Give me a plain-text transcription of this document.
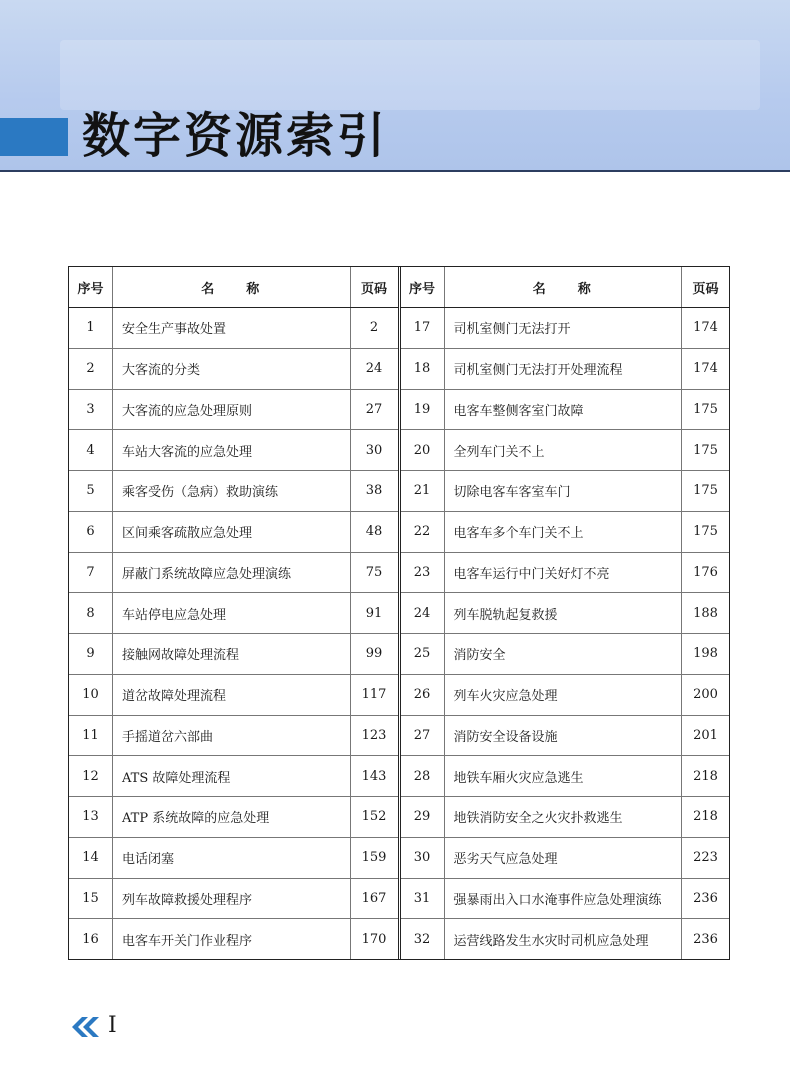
数字资源索引
序号	名　　称	页码
1	安全生产事故处置	2
2	大客流的分类	24
3	大客流的应急处理原则	27
4	车站大客流的应急处理	30
5	乘客受伤（急病）救助演练	38
6	区间乘客疏散应急处理	48
7	屏蔽门系统故障应急处理演练	75
8	车站停电应急处理	91
9	接触网故障处理流程	99
10	道岔故障处理流程	117
11	手摇道岔六部曲	123
12	ATS 故障处理流程	143
13	ATP 系统故障的应急处理	152
14	电话闭塞	159
15	列车故障救援处理程序	167
16	电客车开关门作业程序	170
序号	名　　称	页码
17	司机室侧门无法打开	174
18	司机室侧门无法打开处理流程	174
19	电客车整侧客室门故障	175
20	全列车门关不上	175
21	切除电客车客室车门	175
22	电客车多个车门关不上	175
23	电客车运行中门关好灯不亮	176
24	列车脱轨起复救援	188
25	消防安全	198
26	列车火灾应急处理	200
27	消防安全设备设施	201
28	地铁车厢火灾应急逃生	218
29	地铁消防安全之火灾扑救逃生	218
30	恶劣天气应急处理	223
31	强暴雨出入口水淹事件应急处理演练	236
32	运营线路发生水灾时司机应急处理	236
I
